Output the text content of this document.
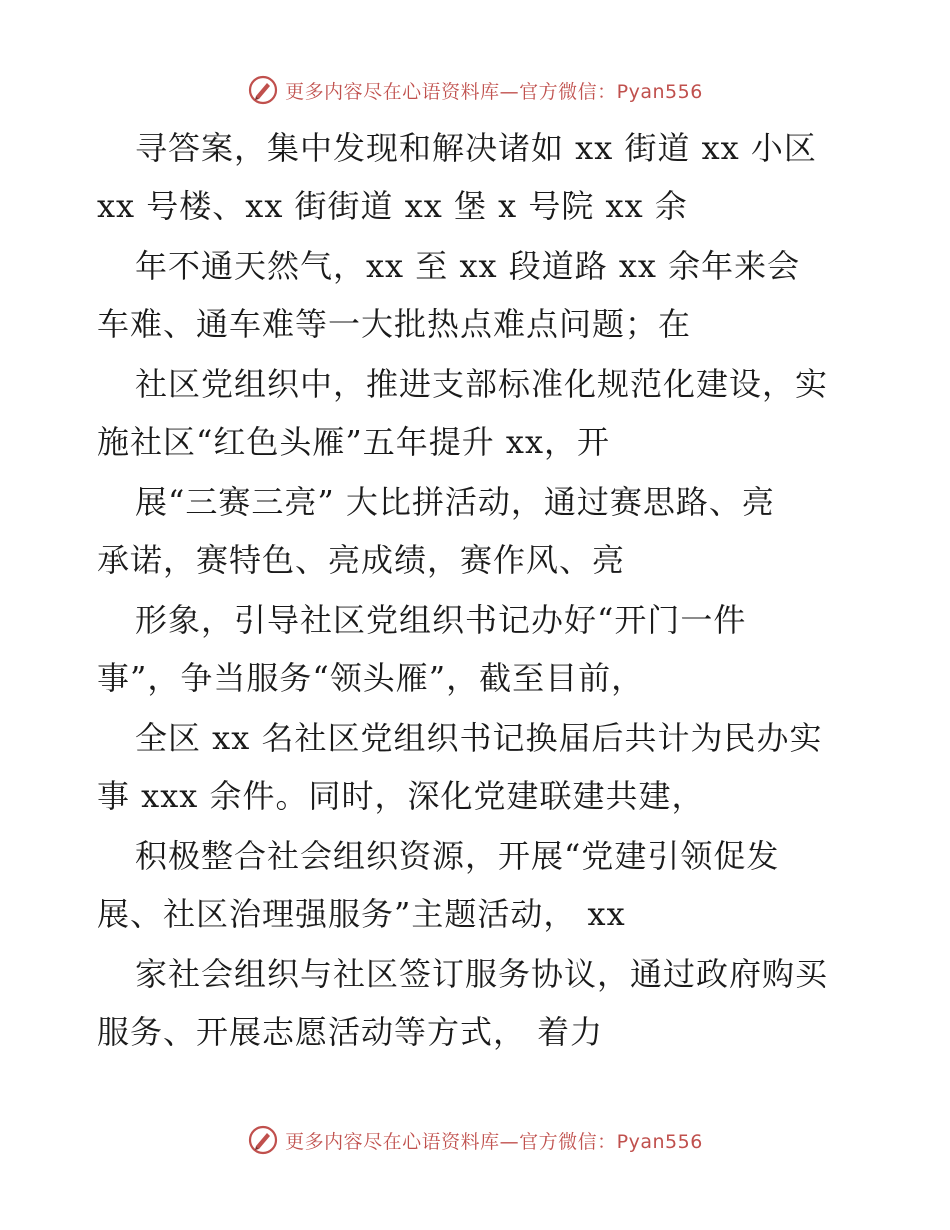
更多内容尽在心语资料库—官方微信：Pyan556
寻答案，集中发现和解决诸如 xx 街道 xx 小区
xx 号楼、xx 街街道 xx 堡 x 号院 xx 余
年不通天然气，xx 至 xx 段道路 xx 余年来会
车难、通车难等一大批热点难点问题；在
社区党组织中，推进支部标准化规范化建设，实
施社区“红色头雁”五年提升 xx，开
展“三赛三亮” 大比拼活动，通过赛思路、亮
承诺，赛特色、亮成绩，赛作风、亮
形象，引导社区党组织书记办好“开门一件
事”，争当服务“领头雁”，截至目前，
全区 xx 名社区党组织书记换届后共计为民办实
事 xxx 余件。同时，深化党建联建共建，
积极整合社会组织资源，开展“党建引领促发
展、社区治理强服务”主题活动， xx
家社会组织与社区签订服务协议，通过政府购买
服务、开展志愿活动等方式， 着力
更多内容尽在心语资料库—官方微信：Pyan556
